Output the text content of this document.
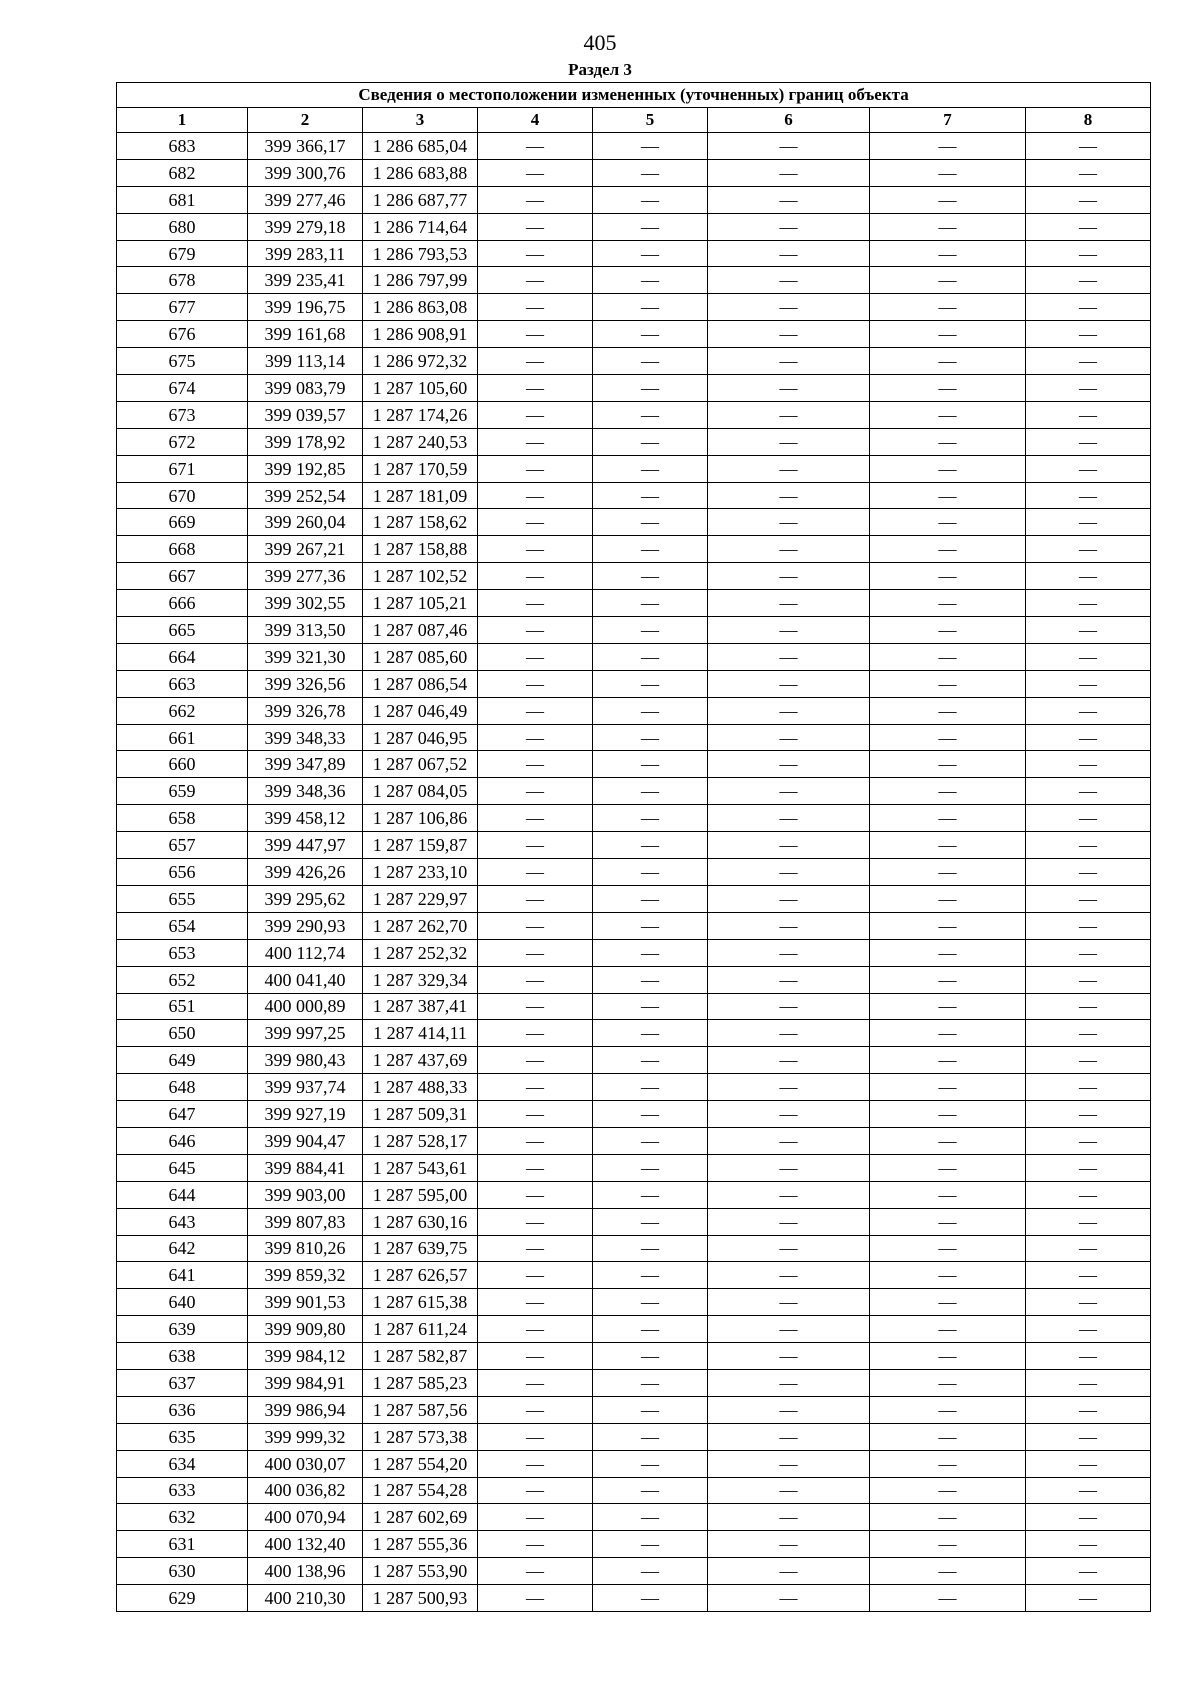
405
Раздел 3
Сведения о местоположении измененных (уточненных) границ объекта							
1	2	3	4	5	6	7	8
683	399 366,17	1 286 685,04	—	—	—	—	—
682	399 300,76	1 286 683,88	—	—	—	—	—
681	399 277,46	1 286 687,77	—	—	—	—	—
680	399 279,18	1 286 714,64	—	—	—	—	—
679	399 283,11	1 286 793,53	—	—	—	—	—
678	399 235,41	1 286 797,99	—	—	—	—	—
677	399 196,75	1 286 863,08	—	—	—	—	—
676	399 161,68	1 286 908,91	—	—	—	—	—
675	399 113,14	1 286 972,32	—	—	—	—	—
674	399 083,79	1 287 105,60	—	—	—	—	—
673	399 039,57	1 287 174,26	—	—	—	—	—
672	399 178,92	1 287 240,53	—	—	—	—	—
671	399 192,85	1 287 170,59	—	—	—	—	—
670	399 252,54	1 287 181,09	—	—	—	—	—
669	399 260,04	1 287 158,62	—	—	—	—	—
668	399 267,21	1 287 158,88	—	—	—	—	—
667	399 277,36	1 287 102,52	—	—	—	—	—
666	399 302,55	1 287 105,21	—	—	—	—	—
665	399 313,50	1 287 087,46	—	—	—	—	—
664	399 321,30	1 287 085,60	—	—	—	—	—
663	399 326,56	1 287 086,54	—	—	—	—	—
662	399 326,78	1 287 046,49	—	—	—	—	—
661	399 348,33	1 287 046,95	—	—	—	—	—
660	399 347,89	1 287 067,52	—	—	—	—	—
659	399 348,36	1 287 084,05	—	—	—	—	—
658	399 458,12	1 287 106,86	—	—	—	—	—
657	399 447,97	1 287 159,87	—	—	—	—	—
656	399 426,26	1 287 233,10	—	—	—	—	—
655	399 295,62	1 287 229,97	—	—	—	—	—
654	399 290,93	1 287 262,70	—	—	—	—	—
653	400 112,74	1 287 252,32	—	—	—	—	—
652	400 041,40	1 287 329,34	—	—	—	—	—
651	400 000,89	1 287 387,41	—	—	—	—	—
650	399 997,25	1 287 414,11	—	—	—	—	—
649	399 980,43	1 287 437,69	—	—	—	—	—
648	399 937,74	1 287 488,33	—	—	—	—	—
647	399 927,19	1 287 509,31	—	—	—	—	—
646	399 904,47	1 287 528,17	—	—	—	—	—
645	399 884,41	1 287 543,61	—	—	—	—	—
644	399 903,00	1 287 595,00	—	—	—	—	—
643	399 807,83	1 287 630,16	—	—	—	—	—
642	399 810,26	1 287 639,75	—	—	—	—	—
641	399 859,32	1 287 626,57	—	—	—	—	—
640	399 901,53	1 287 615,38	—	—	—	—	—
639	399 909,80	1 287 611,24	—	—	—	—	—
638	399 984,12	1 287 582,87	—	—	—	—	—
637	399 984,91	1 287 585,23	—	—	—	—	—
636	399 986,94	1 287 587,56	—	—	—	—	—
635	399 999,32	1 287 573,38	—	—	—	—	—
634	400 030,07	1 287 554,20	—	—	—	—	—
633	400 036,82	1 287 554,28	—	—	—	—	—
632	400 070,94	1 287 602,69	—	—	—	—	—
631	400 132,40	1 287 555,36	—	—	—	—	—
630	400 138,96	1 287 553,90	—	—	—	—	—
629	400 210,30	1 287 500,93	—	—	—	—	—
